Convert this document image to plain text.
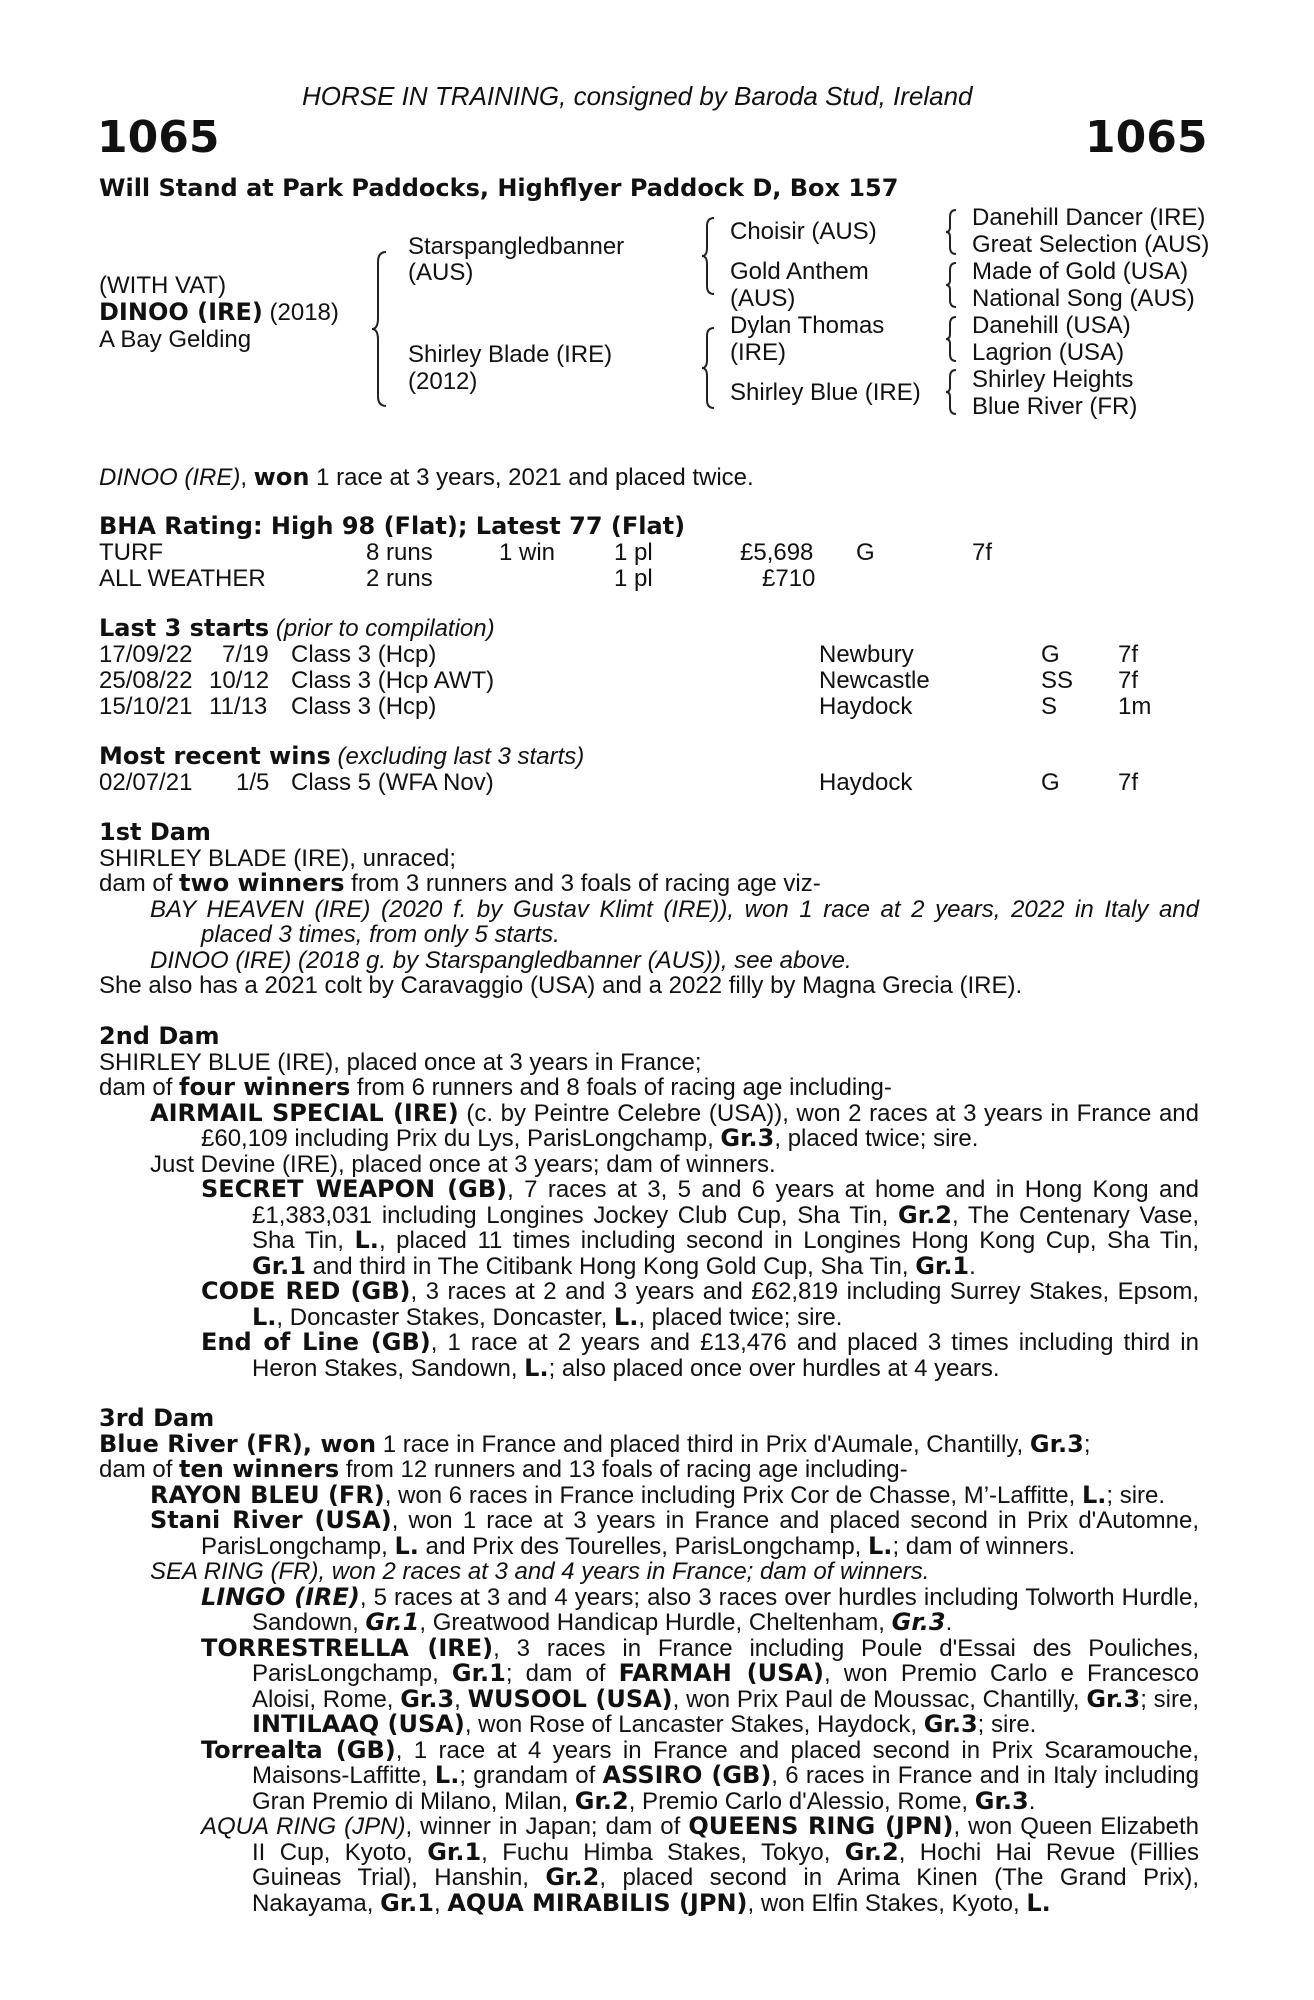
HORSE IN TRAINING, consigned by Baroda Stud, Ireland
1065	1065
Will Stand at Park Paddocks, Highflyer Paddock D, Box 157
(WITH VAT)
DINOO (IRE) (2018)
A Bay Gelding
Starspangledbanner
(AUS)
Shirley Blade (IRE)
(2012)
Choisir (AUS)
Gold Anthem
(AUS)
Dylan Thomas
(IRE)
Shirley Blue (IRE)
Danehill Dancer (IRE)
Great Selection (AUS)
Made of Gold (USA)
National Song (AUS)
Danehill (USA)
Lagrion (USA)
Shirley Heights
Blue River (FR)
DINOO (IRE), won 1 race at 3 years, 2021 and placed twice.
BHA Rating: High 98 (Flat); Latest 77 (Flat)
TURF	8 runs	1 win 1 pl	£5,698 G	7f
ALL WEATHER	2 runs	1 pl	£710
Last 3 starts (prior to compilation)
17/09/22 7/19 Class 3 (Hcp)	Newbury	G 7f
25/08/22 10/12 Class 3 (Hcp AWT)	Newcastle	SS 7f
15/10/21 11/13 Class 3 (Hcp)	Haydock	S	1m
Most recent wins (excluding last 3 starts)
02/07/21 1/5 Class 5 (WFA Nov)	Haydock	G 7f

1st Dam

SHIRLEY BLADE (IRE), unraced;

dam of two winners from 3 runners and 3 foals of racing age viz-

BAY HEAVEN (IRE) (2020 f. by Gustav Klimt (IRE)), won 1 race at 2 years, 2022 in Italy and placed 3 times, from only 5 starts.

DINOO (IRE) (2018 g. by Starspangledbanner (AUS)), see above.

She also has a 2021 colt by Caravaggio (USA) and a 2022 filly by Magna Grecia (IRE).

2nd Dam

SHIRLEY BLUE (IRE), placed once at 3 years in France;

dam of four winners from 6 runners and 8 foals of racing age including-

AIRMAIL SPECIAL (IRE) (c. by Peintre Celebre (USA)), won 2 races at 3 years in France and £60,109 including Prix du Lys, ParisLongchamp, Gr.3, placed twice; sire.

Just Devine (IRE), placed once at 3 years; dam of winners.

SECRET WEAPON (GB), 7 races at 3, 5 and 6 years at home and in Hong Kong and £1,383,031 including Longines Jockey Club Cup, Sha Tin, Gr.2, The Centenary Vase, Sha Tin, L., placed 11 times including second in Longines Hong Kong Cup, Sha Tin, Gr.1 and third in The Citibank Hong Kong Gold Cup, Sha Tin, Gr.1.

CODE RED (GB), 3 races at 2 and 3 years and £62,819 including Surrey Stakes, Epsom, L., Doncaster Stakes, Doncaster, L., placed twice; sire.

End of Line (GB), 1 race at 2 years and £13,476 and placed 3 times including third in Heron Stakes, Sandown, L.; also placed once over hurdles at 4 years.

3rd Dam

Blue River (FR), won 1 race in France and placed third in Prix d'Aumale, Chantilly, Gr.3;

dam of ten winners from 12 runners and 13 foals of racing age including-

RAYON BLEU (FR), won 6 races in France including Prix Cor de Chasse, M’-Laffitte, L.; sire.

Stani River (USA), won 1 race at 3 years in France and placed second in Prix d'Automne, ParisLongchamp, L. and Prix des Tourelles, ParisLongchamp, L.; dam of winners.

SEA RING (FR), won 2 races at 3 and 4 years in France; dam of winners.

LINGO (IRE), 5 races at 3 and 4 years; also 3 races over hurdles including Tolworth Hurdle, Sandown, Gr.1, Greatwood Handicap Hurdle, Cheltenham, Gr.3.

TORRESTRELLA (IRE), 3 races in France including Poule d'Essai des Pouliches, ParisLongchamp, Gr.1; dam of FARMAH (USA), won Premio Carlo e Francesco Aloisi, Rome, Gr.3, WUSOOL (USA), won Prix Paul de Moussac, Chantilly, Gr.3; sire, INTILAAQ (USA), won Rose of Lancaster Stakes, Haydock, Gr.3; sire.

Torrealta (GB), 1 race at 4 years in France and placed second in Prix Scaramouche, Maisons-Laffitte, L.; grandam of ASSIRO (GB), 6 races in France and in Italy including Gran Premio di Milano, Milan, Gr.2, Premio Carlo d'Alessio, Rome, Gr.3.

AQUA RING (JPN), winner in Japan; dam of QUEENS RING (JPN), won Queen Elizabeth II Cup, Kyoto, Gr.1, Fuchu Himba Stakes, Tokyo, Gr.2, Hochi Hai Revue (Fillies Guineas Trial), Hanshin, Gr.2, placed second in Arima Kinen (The Grand Prix), Nakayama, Gr.1, AQUA MIRABILIS (JPN), won Elfin Stakes, Kyoto, L.
